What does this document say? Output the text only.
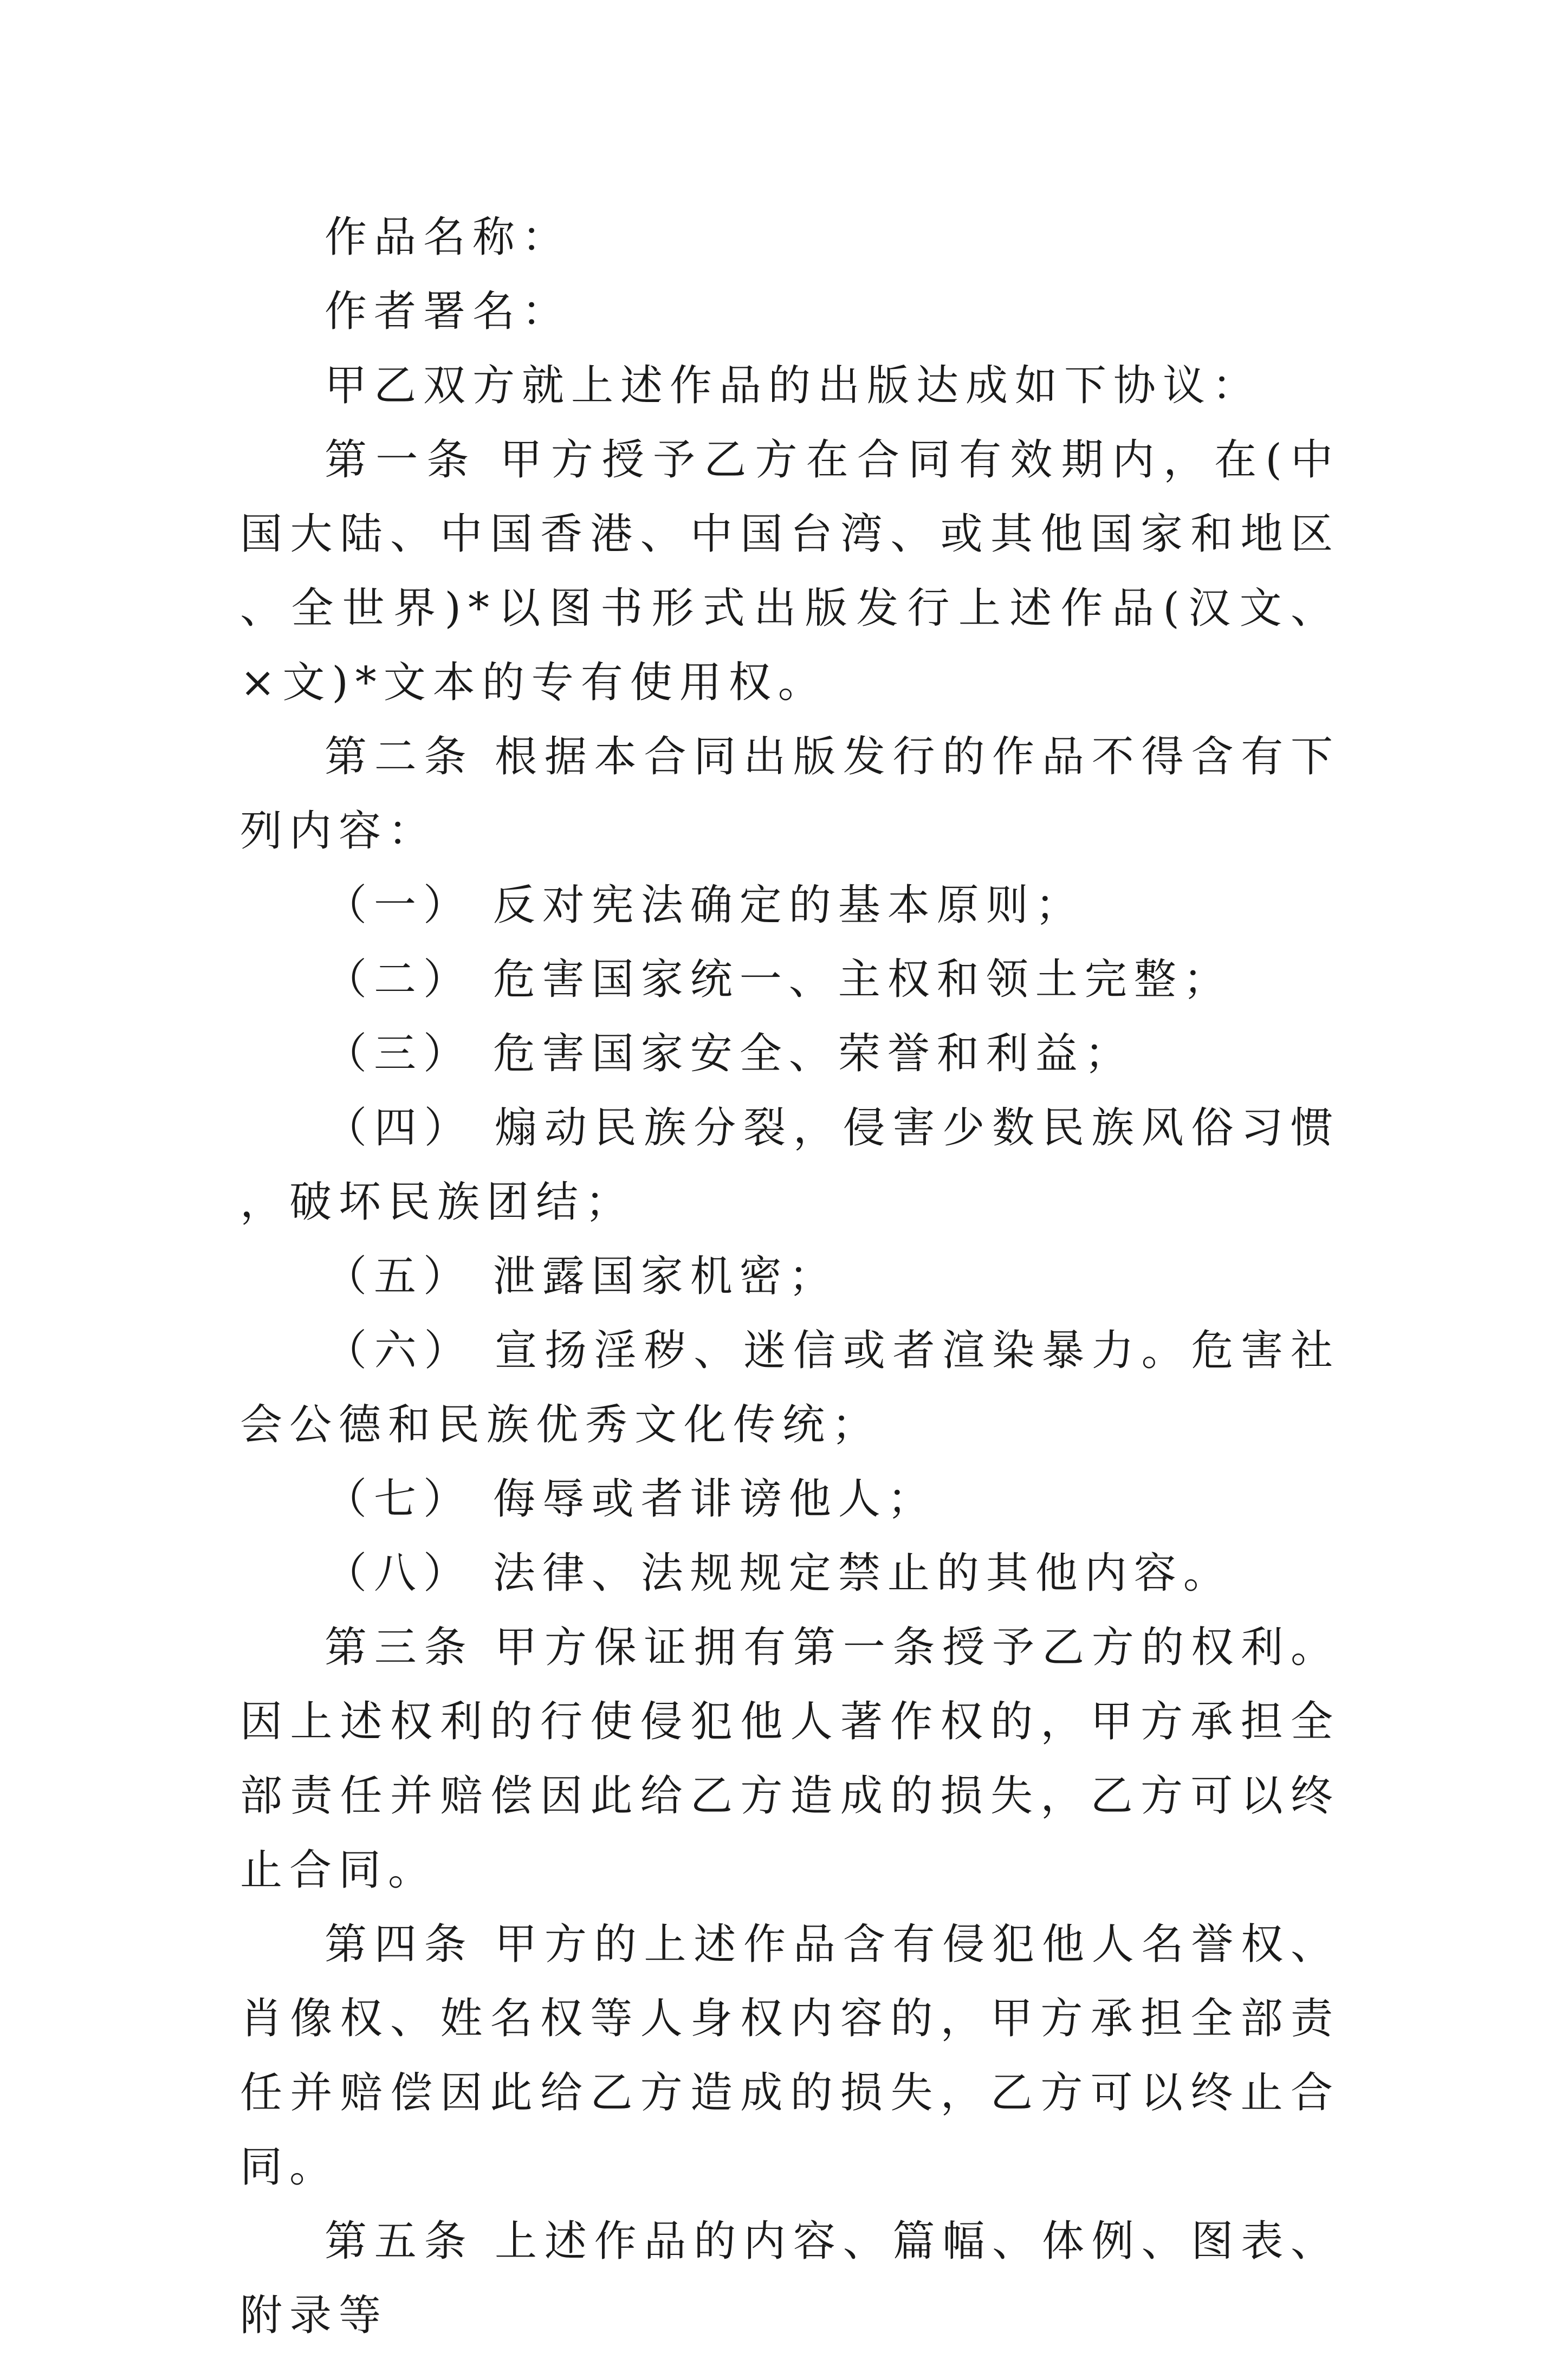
作品名称：

作者署名：

甲乙双方就上述作品的出版达成如下协议：

第一条 甲方授予乙方在合同有效期内，在(中国大陆、中国香港、中国台湾、或其他国家和地区、全世界)*以图书形式出版发行上述作品(汉文、×文)*文本的专有使用权。

第二条 根据本合同出版发行的作品不得含有下列内容：

（一） 反对宪法确定的基本原则；

（二） 危害国家统一、主权和领土完整；

（三） 危害国家安全、荣誉和利益；

（四） 煽动民族分裂，侵害少数民族风俗习惯，破坏民族团结；

（五） 泄露国家机密；

（六） 宣扬淫秽、迷信或者渲染暴力。危害社会公德和民族优秀文化传统；

（七） 侮辱或者诽谤他人；

（八） 法律、法规规定禁止的其他内容。

第三条 甲方保证拥有第一条授予乙方的权利。因上述权利的行使侵犯他人著作权的，甲方承担全部责任并赔偿因此给乙方造成的损失，乙方可以终止合同。

第四条 甲方的上述作品含有侵犯他人名誉权、肖像权、姓名权等人身权内容的，甲方承担全部责任并赔偿因此给乙方造成的损失，乙方可以终止合同。

第五条 上述作品的内容、篇幅、体例、图表、附录等
